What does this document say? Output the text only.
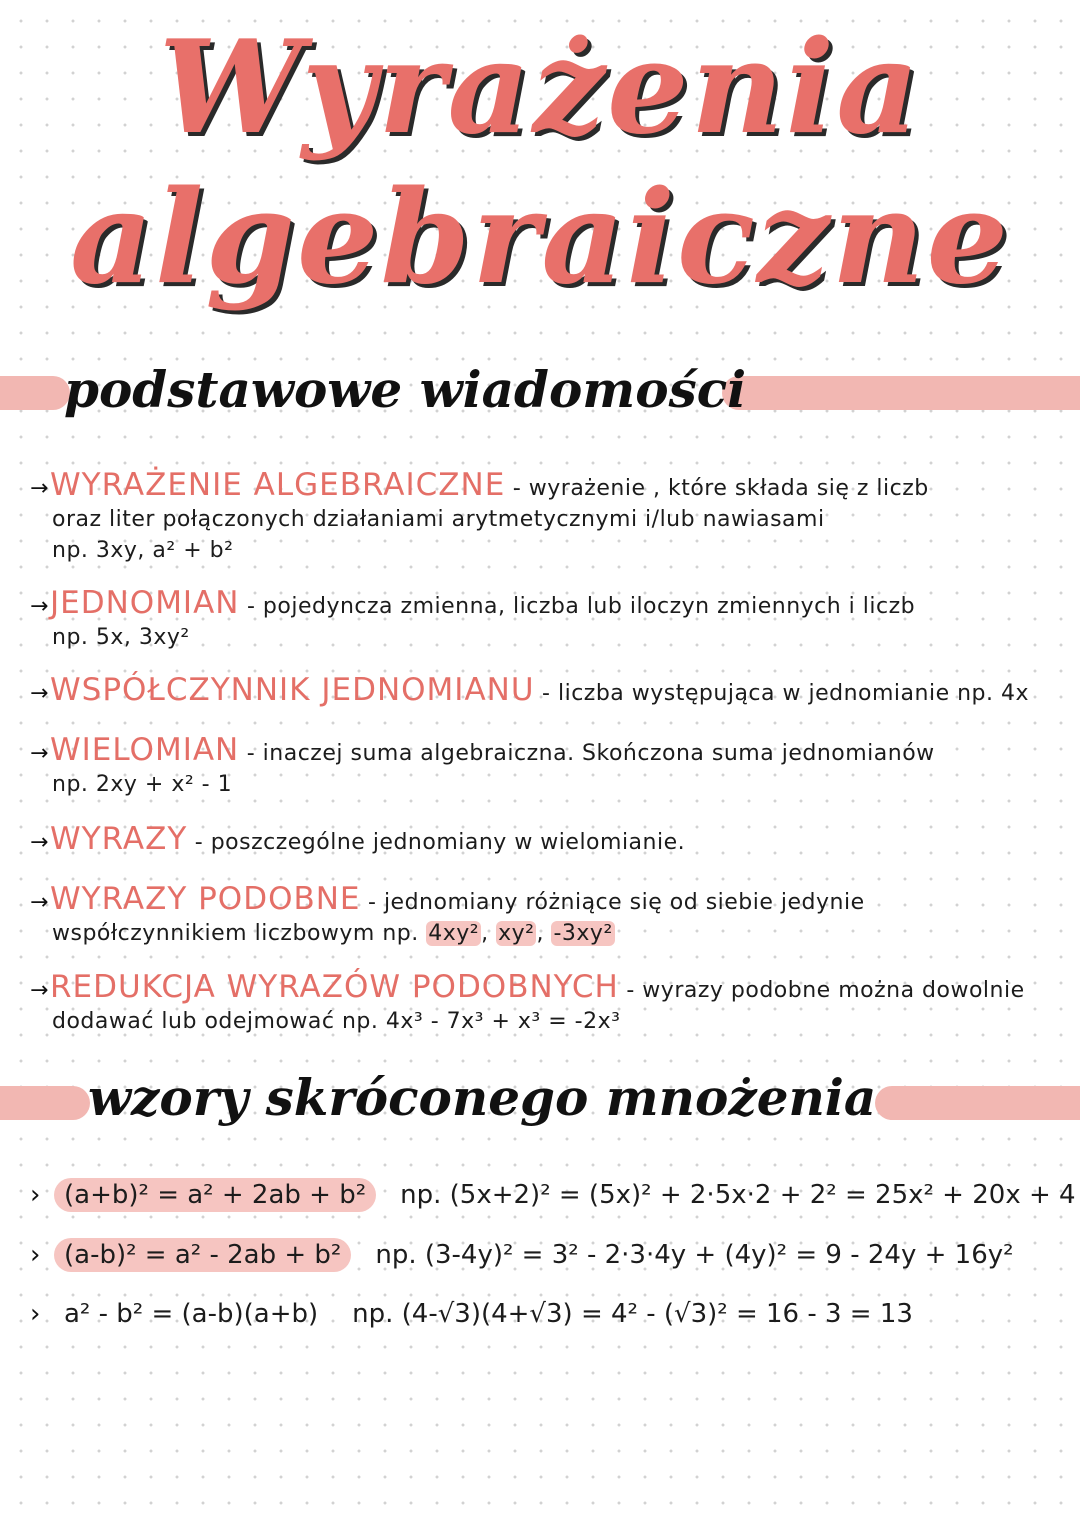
Wyrażenia
algebraiczne
podstawowe wiadomości
→WYRAŻENIE ALGEBRAICZNE - wyrażenie , które składa się z liczb
oraz liter połączonych działaniami arytmetycznymi i/lub nawiasami
np. 3xy, a² + b²
→JEDNOMIAN - pojedyncza zmienna, liczba lub iloczyn zmiennych i liczb
np. 5x, 3xy²
→WSPÓŁCZYNNIK JEDNOMIANU - liczba występująca w jednomianie np. 4x
→WIELOMIAN - inaczej suma algebraiczna. Skończona suma jednomianów
np. 2xy + x² - 1
→WYRAZY - poszczególne jednomiany w wielomianie.
→WYRAZY PODOBNE - jednomiany różniące się od siebie jedynie
współczynnikiem liczbowym np. 4xy², xy², -3xy²
→REDUKCJA WYRAZÓW PODOBNYCH - wyrazy podobne można dowolnie
dodawać lub odejmować np. 4x³ - 7x³ + x³ = -2x³
wzory skróconego mnożenia
› (a+b)² = a² + 2ab + b² np. (5x+2)² = (5x)² + 2·5x·2 + 2² = 25x² + 20x + 4
› (a-b)² = a² - 2ab + b² np. (3-4y)² = 3² - 2·3·4y + (4y)² = 9 - 24y + 16y²
› a² - b² = (a-b)(a+b) np. (4-√3)(4+√3) = 4² - (√3)² = 16 - 3 = 13
